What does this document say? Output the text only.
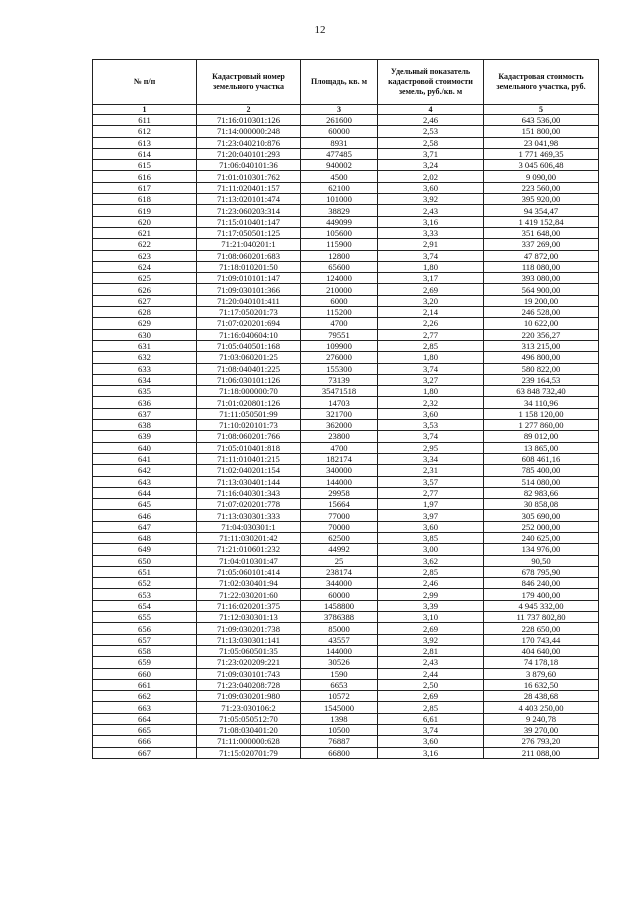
12
№ п/п	Кадастровый номер земельного участка	Площадь, кв. м	Удельный показатель кадастровой стоимости земель, руб./кв. м	Кадастровая стоимость земельного участка, руб.
1	2	3	4	5
611	71:16:010301:126	261600	2,46	643 536,00
612	71:14:000000:248	60000	2,53	151 800,00
613	71:23:040210:876	8931	2,58	23 041,98
614	71:20:040101:293	477485	3,71	1 771 469,35
615	71:06:040101:36	940002	3,24	3 045 606,48
616	71:01:010301:762	4500	2,02	9 090,00
617	71:11:020401:157	62100	3,60	223 560,00
618	71:13:020101:474	101000	3,92	395 920,00
619	71:23:060203:314	38829	2,43	94 354,47
620	71:15:010401:147	449099	3,16	1 419 152,84
621	71:17:050501:125	105600	3,33	351 648,00
622	71:21:040201:1	115900	2,91	337 269,00
623	71:08:060201:683	12800	3,74	47 872,00
624	71:18:010201:50	65600	1,80	118 080,00
625	71:09:010101:147	124000	3,17	393 080,00
626	71:09:030101:366	210000	2,69	564 900,00
627	71:20:040101:411	6000	3,20	19 200,00
628	71:17:050201:73	115200	2,14	246 528,00
629	71:07:020201:694	4700	2,26	10 622,00
630	71:16:040604:10	79551	2,77	220 356,27
631	71:05:040501:168	109900	2,85	313 215,00
632	71:03:060201:25	276000	1,80	496 800,00
633	71:08:040401:225	155300	3,74	580 822,00
634	71:06:030101:126	73139	3,27	239 164,53
635	71:18:000000:70	35471518	1,80	63 848 732,40
636	71:01:020801:126	14703	2,32	34 110,96
637	71:11:050501:99	321700	3,60	1 158 120,00
638	71:10:020101:73	362000	3,53	1 277 860,00
639	71:08:060201:766	23800	3,74	89 012,00
640	71:05:010401:818	4700	2,95	13 865,00
641	71:11:010401:215	182174	3,34	608 461,16
642	71:02:040201:154	340000	2,31	785 400,00
643	71:13:030401:144	144000	3,57	514 080,00
644	71:16:040301:343	29958	2,77	82 983,66
645	71:07:020201:778	15664	1,97	30 858,08
646	71:13:030301:333	77000	3,97	305 690,00
647	71:04:030301:1	70000	3,60	252 000,00
648	71:11:030201:42	62500	3,85	240 625,00
649	71:21:010601:232	44992	3,00	134 976,00
650	71:04:010301:47	25	3,62	90,50
651	71:05:060101:414	238174	2,85	678 795,90
652	71:02:030401:94	344000	2,46	846 240,00
653	71:22:030201:60	60000	2,99	179 400,00
654	71:16:020201:375	1458800	3,39	4 945 332,00
655	71:12:030301:13	3786388	3,10	11 737 802,80
656	71:09:030201:738	85000	2,69	228 650,00
657	71:13:030301:141	43557	3,92	170 743,44
658	71:05:060501:35	144000	2,81	404 640,00
659	71:23:020209:221	30526	2,43	74 178,18
660	71:09:030101:743	1590	2,44	3 879,60
661	71:23:040208:728	6653	2,50	16 632,50
662	71:09:030201:980	10572	2,69	28 438,68
663	71:23:030106:2	1545000	2,85	4 403 250,00
664	71:05:050512:70	1398	6,61	9 240,78
665	71:08:030401:20	10500	3,74	39 270,00
666	71:11:000000:628	76887	3,60	276 793,20
667	71:15:020701:79	66800	3,16	211 088,00
